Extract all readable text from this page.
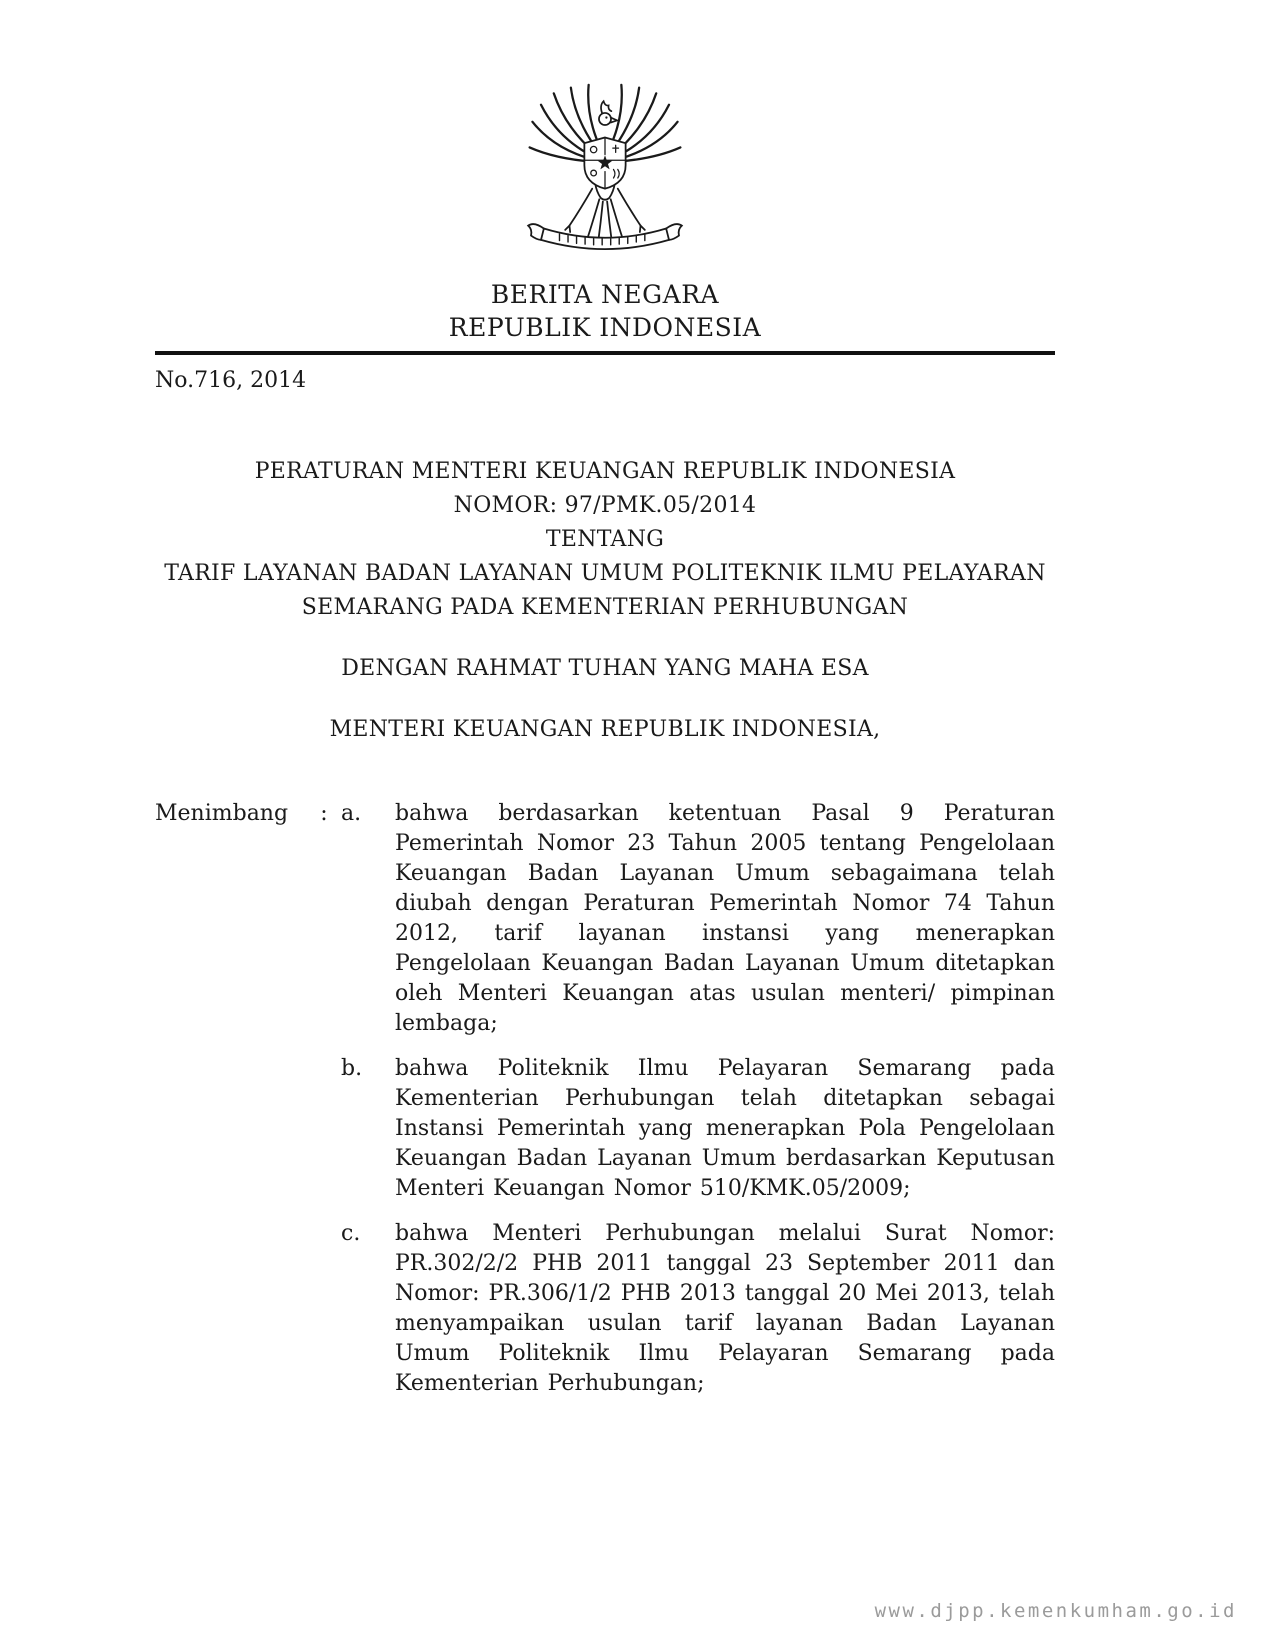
BERITA NEGARA
REPUBLIK INDONESIA
No.716, 2014
PERATURAN MENTERI KEUANGAN REPUBLIK INDONESIA
NOMOR: 97/PMK.05/2014
TENTANG
TARIF LAYANAN BADAN LAYANAN UMUM POLITEKNIK ILMU PELAYARAN SEMARANG PADA KEMENTERIAN PERHUBUNGAN
DENGAN RAHMAT TUHAN YANG MAHA ESA
MENTERI KEUANGAN REPUBLIK INDONESIA,
Menimbang	: a.	bahwa berdasarkan ketentuan Pasal 9 Peraturan Pemerintah Nomor 23 Tahun 2005 tentang Pengelolaan Keuangan Badan Layanan Umum sebagaimana telah diubah dengan Peraturan Pemerintah Nomor 74 Tahun 2012, tarif layanan instansi yang menerapkan Pengelolaan Keuangan Badan Layanan Umum ditetapkan oleh Menteri Keuangan atas usulan menteri/ pimpinan lembaga;
b.	bahwa Politeknik Ilmu Pelayaran Semarang pada Kementerian Perhubungan telah ditetapkan sebagai Instansi Pemerintah yang menerapkan Pola Pengelolaan Keuangan Badan Layanan Umum berdasarkan Keputusan Menteri Keuangan Nomor 510/KMK.05/2009;
c.	bahwa Menteri Perhubungan melalui Surat Nomor: PR.302/2/2 PHB 2011 tanggal 23 September 2011 dan Nomor: PR.306/1/2 PHB 2013 tanggal 20 Mei 2013, telah menyampaikan usulan tarif layanan Badan Layanan Umum Politeknik Ilmu Pelayaran Semarang pada Kementerian Perhubungan;
www.djpp.kemenkumham.go.id
